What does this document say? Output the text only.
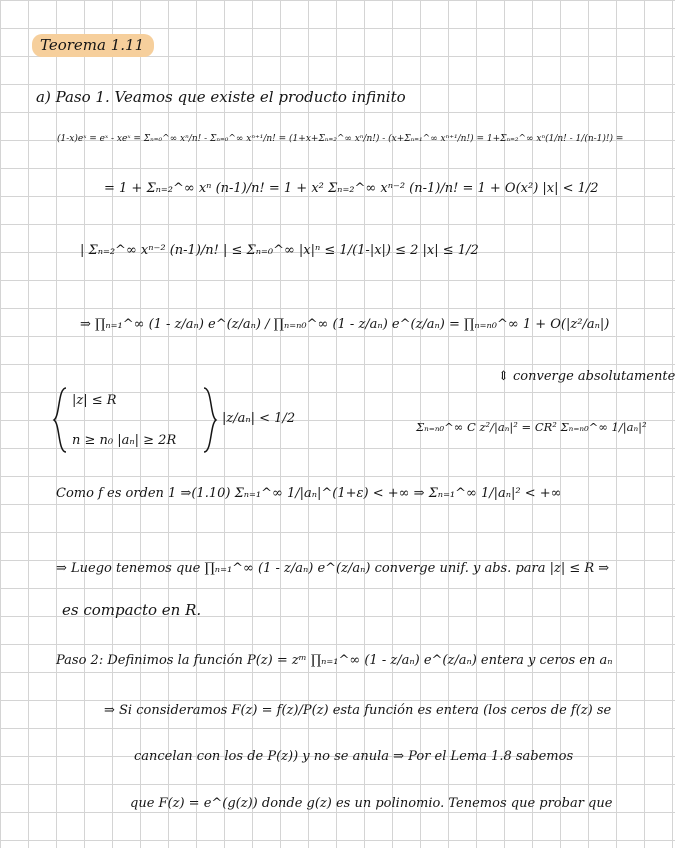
Teorema 1.11
a) Paso 1. Veamos que existe el producto infinito
(1-x)eˣ = eˣ - xeˣ = Σₙ₌₀^∞ xⁿ/n! - Σₙ₌₀^∞ xⁿ⁺¹/n! = (1+x+Σₙ₌₂^∞ xⁿ/n!) - (x+Σₙ₌₁^∞ xⁿ⁺¹/n!) = 1+Σₙ₌₂^∞ xⁿ(1/n! - 1/(n-1)!) =
= 1 + Σₙ₌₂^∞ xⁿ (n-1)/n! = 1 + x² Σₙ₌₂^∞ xⁿ⁻² (n-1)/n! = 1 + O(x²) |x| < 1/2
| Σₙ₌₂^∞ xⁿ⁻² (n-1)/n! | ≤ Σₙ₌₀^∞ |x|ⁿ ≤ 1/(1-|x|) ≤ 2 |x| ≤ 1/2
⇒ ∏ₙ₌₁^∞ (1 - z/aₙ) e^(z/aₙ) / ∏ₙ₌ₙ₀^∞ (1 - z/aₙ) e^(z/aₙ) = ∏ₙ₌ₙ₀^∞ 1 + O(|z²/aₙ|)
⇕ converge absolutamente
|z| ≤ R
n ≥ n₀ |aₙ| ≥ 2R
|z/aₙ| < 1/2
Σₙ₌ₙ₀^∞ C z²/|aₙ|² = CR² Σₙ₌ₙ₀^∞ 1/|aₙ|²
Como f es orden 1 ⇒(1.10) Σₙ₌₁^∞ 1/|aₙ|^(1+ε) < +∞ ⇒ Σₙ₌₁^∞ 1/|aₙ|² < +∞
⇒ Luego tenemos que ∏ₙ₌₁^∞ (1 - z/aₙ) e^(z/aₙ) converge unif. y abs. para |z| ≤ R ⇒
es compacto en R.
Paso 2: Definimos la función P(z) = zᵐ ∏ₙ₌₁^∞ (1 - z/aₙ) e^(z/aₙ) entera y ceros en aₙ
⇒ Si consideramos F(z) = f(z)/P(z) esta función es entera (los ceros de f(z) se
cancelan con los de P(z)) y no se anula ⇒ Por el Lema 1.8 sabemos
que F(z) = e^(g(z)) donde g(z) es un polinomio. Tenemos que probar que
